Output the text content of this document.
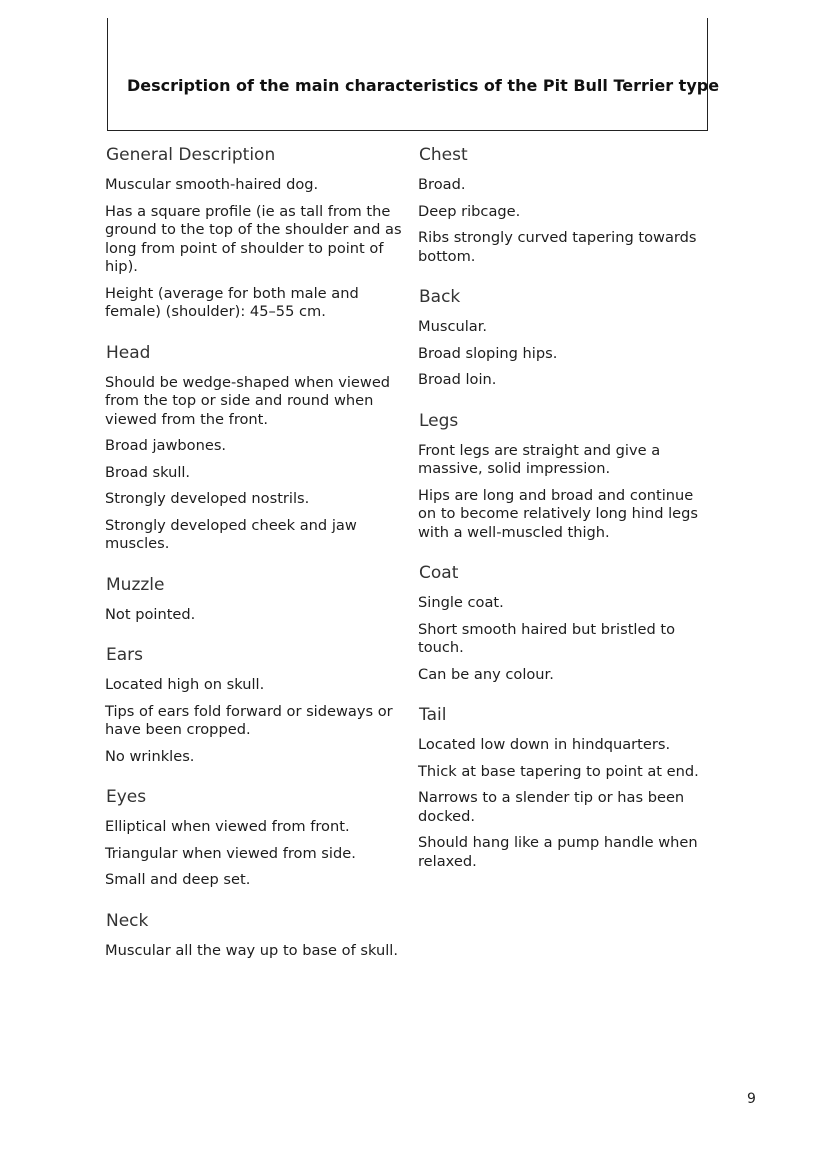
Description of the main characteristics of the Pit Bull Terrier type
General Description
Muscular smooth-haired dog.
Has a square profile (ie as tall from the ground to the top of the shoulder and as long from point of shoulder to point of hip).
Height (average for both male and female) (shoulder): 45–55 cm.
Head
Should be wedge-shaped when viewed from the top or side and round when viewed from the front.
Broad jawbones.
Broad skull.
Strongly developed nostrils.
Strongly developed cheek and jaw muscles.
Muzzle
Not pointed.
Ears
Located high on skull.
Tips of ears fold forward or sideways or have been cropped.
No wrinkles.
Eyes
Elliptical when viewed from front.
Triangular when viewed from side.
Small and deep set.
Neck
Muscular all the way up to base of skull.
Chest
Broad.
Deep ribcage.
Ribs strongly curved tapering towards bottom.
Back
Muscular.
Broad sloping hips.
Broad loin.
Legs
Front legs are straight and give a massive, solid impression.
Hips are long and broad and continue on to become relatively long hind legs with a well-muscled thigh.
Coat
Single coat.
Short smooth haired but bristled to touch.
Can be any colour.
Tail
Located low down in hindquarters.
Thick at base tapering to point at end.
Narrows to a slender tip or has been docked.
Should hang like a pump handle when relaxed.
9
